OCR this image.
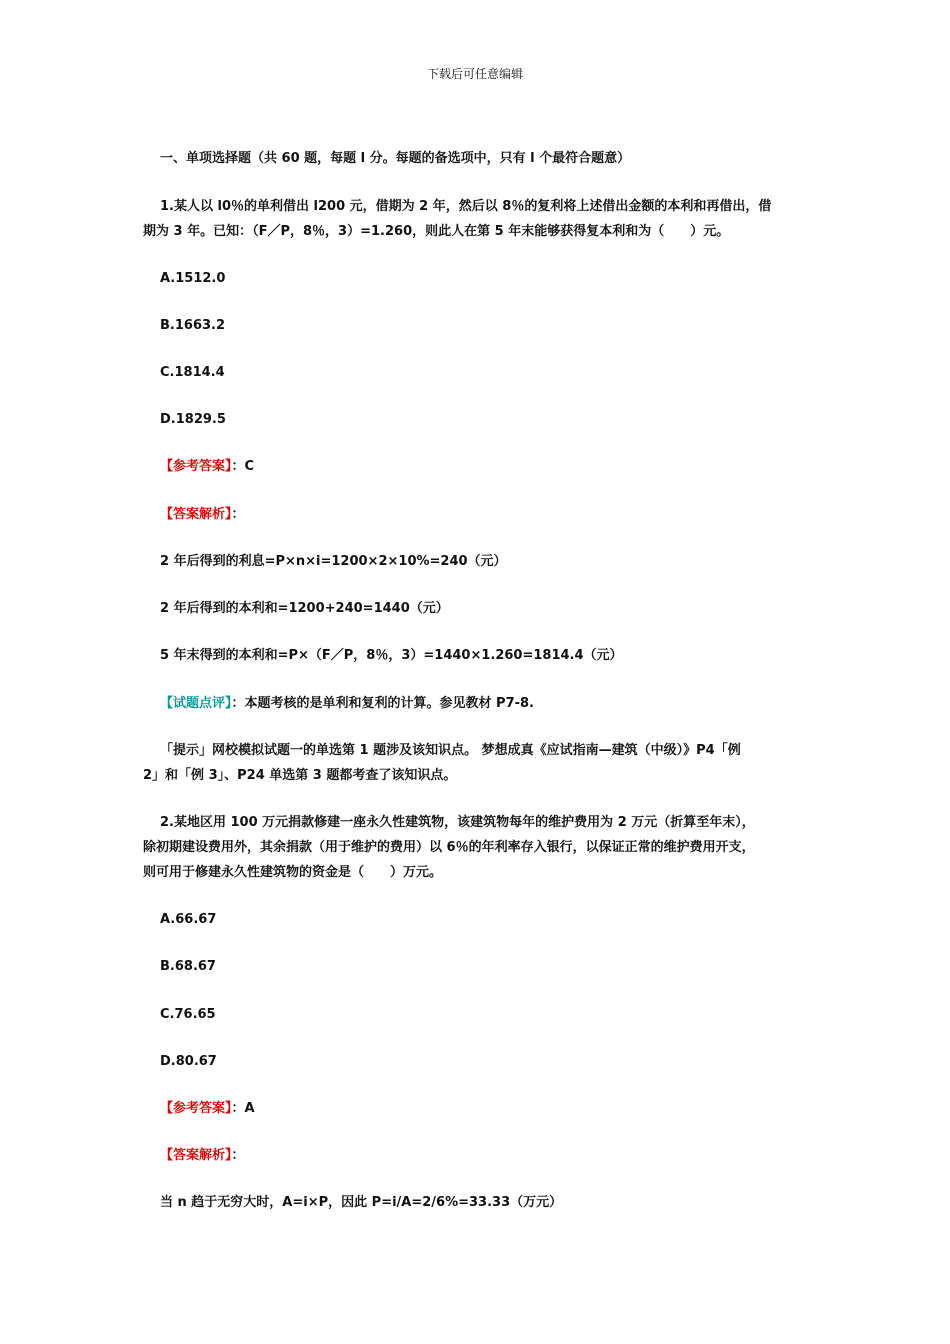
下载后可任意编辑
一、单项选择题（共 60 题，每题 l 分。每题的备选项中，只有 l 个最符合题意）
1.某人以 l0％的单利借出 l200 元，借期为 2 年，然后以 8％的复利将上述借出金额的本利和再借出，借
期为 3 年。已知：（F／P，8％，3）=1.260，则此人在第 5 年末能够获得复本利和为（　　）元。
A.1512.0
B.1663.2
C.1814.4
D.1829.5
【参考答案】：C
【答案解析】：
2 年后得到的利息=P×n×i=1200×2×10%=240（元）
2 年后得到的本利和=1200+240=1440（元）
5 年末得到的本利和=P×（F／P，8％，3）=1440×1.260=1814.4（元）
【试题点评】：本题考核的是单利和复利的计算。参见教材 P7-8.
「提示」网校模拟试题一的单选第 1 题涉及该知识点。 梦想成真《应试指南—建筑（中级）》P4「例
2」和「例 3」、P24 单选第 3 题都考查了该知识点。
2.某地区用 100 万元捐款修建一座永久性建筑物，该建筑物每年的维护费用为 2 万元（折算至年末），
除初期建设费用外，其余捐款（用于维护的费用）以 6％的年利率存入银行，以保证正常的维护费用开支，
则可用于修建永久性建筑物的资金是（　　）万元。
A.66.67
B.68.67
C.76.65
D.80.67
【参考答案】：A
【答案解析】：
当 n 趋于无穷大时，A=i×P，因此 P=i/A=2/6%=33.33（万元）
